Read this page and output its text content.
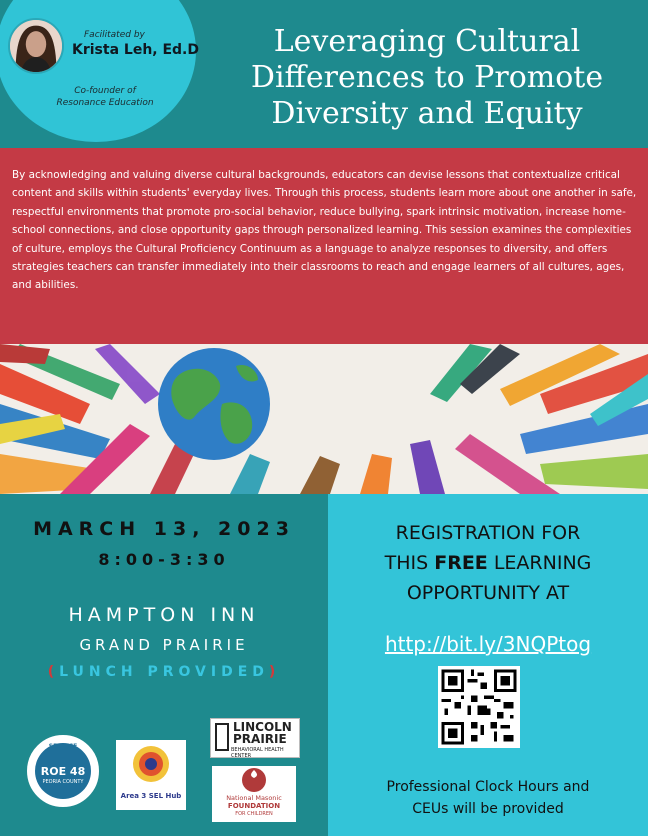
Facilitated by
Krista Leh, Ed.D
Co-founder of
Resonance Education
Leveraging Cultural
Differences to Promote
Diversity and Equity
By acknowledging and valuing diverse cultural backgrounds, educators can devise lessons that contextualize critical content and skills within students' everyday lives. Through this process, students learn more about one another in safe, respectful environments that promote pro-social behavior, reduce bullying, spark intrinsic motivation, increase home-school connections, and close opportunity gaps through personalized learning. This session examines the complexities of culture, employs the Cultural Proficiency Continuum as a language to analyze responses to diversity, and offers strategies teachers can transfer immediately into their classrooms to reach and engage learners of all cultures, ages, and abilities.
MARCH 13, 2023
8:00-3:30
HAMPTON INN
GRAND PRAIRIE
(LUNCH PROVIDED)
ROE 48
PEORIA COUNTY
Area 3 SEL Hub
LINCOLN
PRAIRIE
BEHAVIORAL HEALTH CENTER
National Masonic
FOUNDATION
FOR CHILDREN
REGISTRATION FOR
THIS FREE LEARNING
OPPORTUNITY AT
http://bit.ly/3NQPtog
Professional Clock Hours and
CEUs will be provided
